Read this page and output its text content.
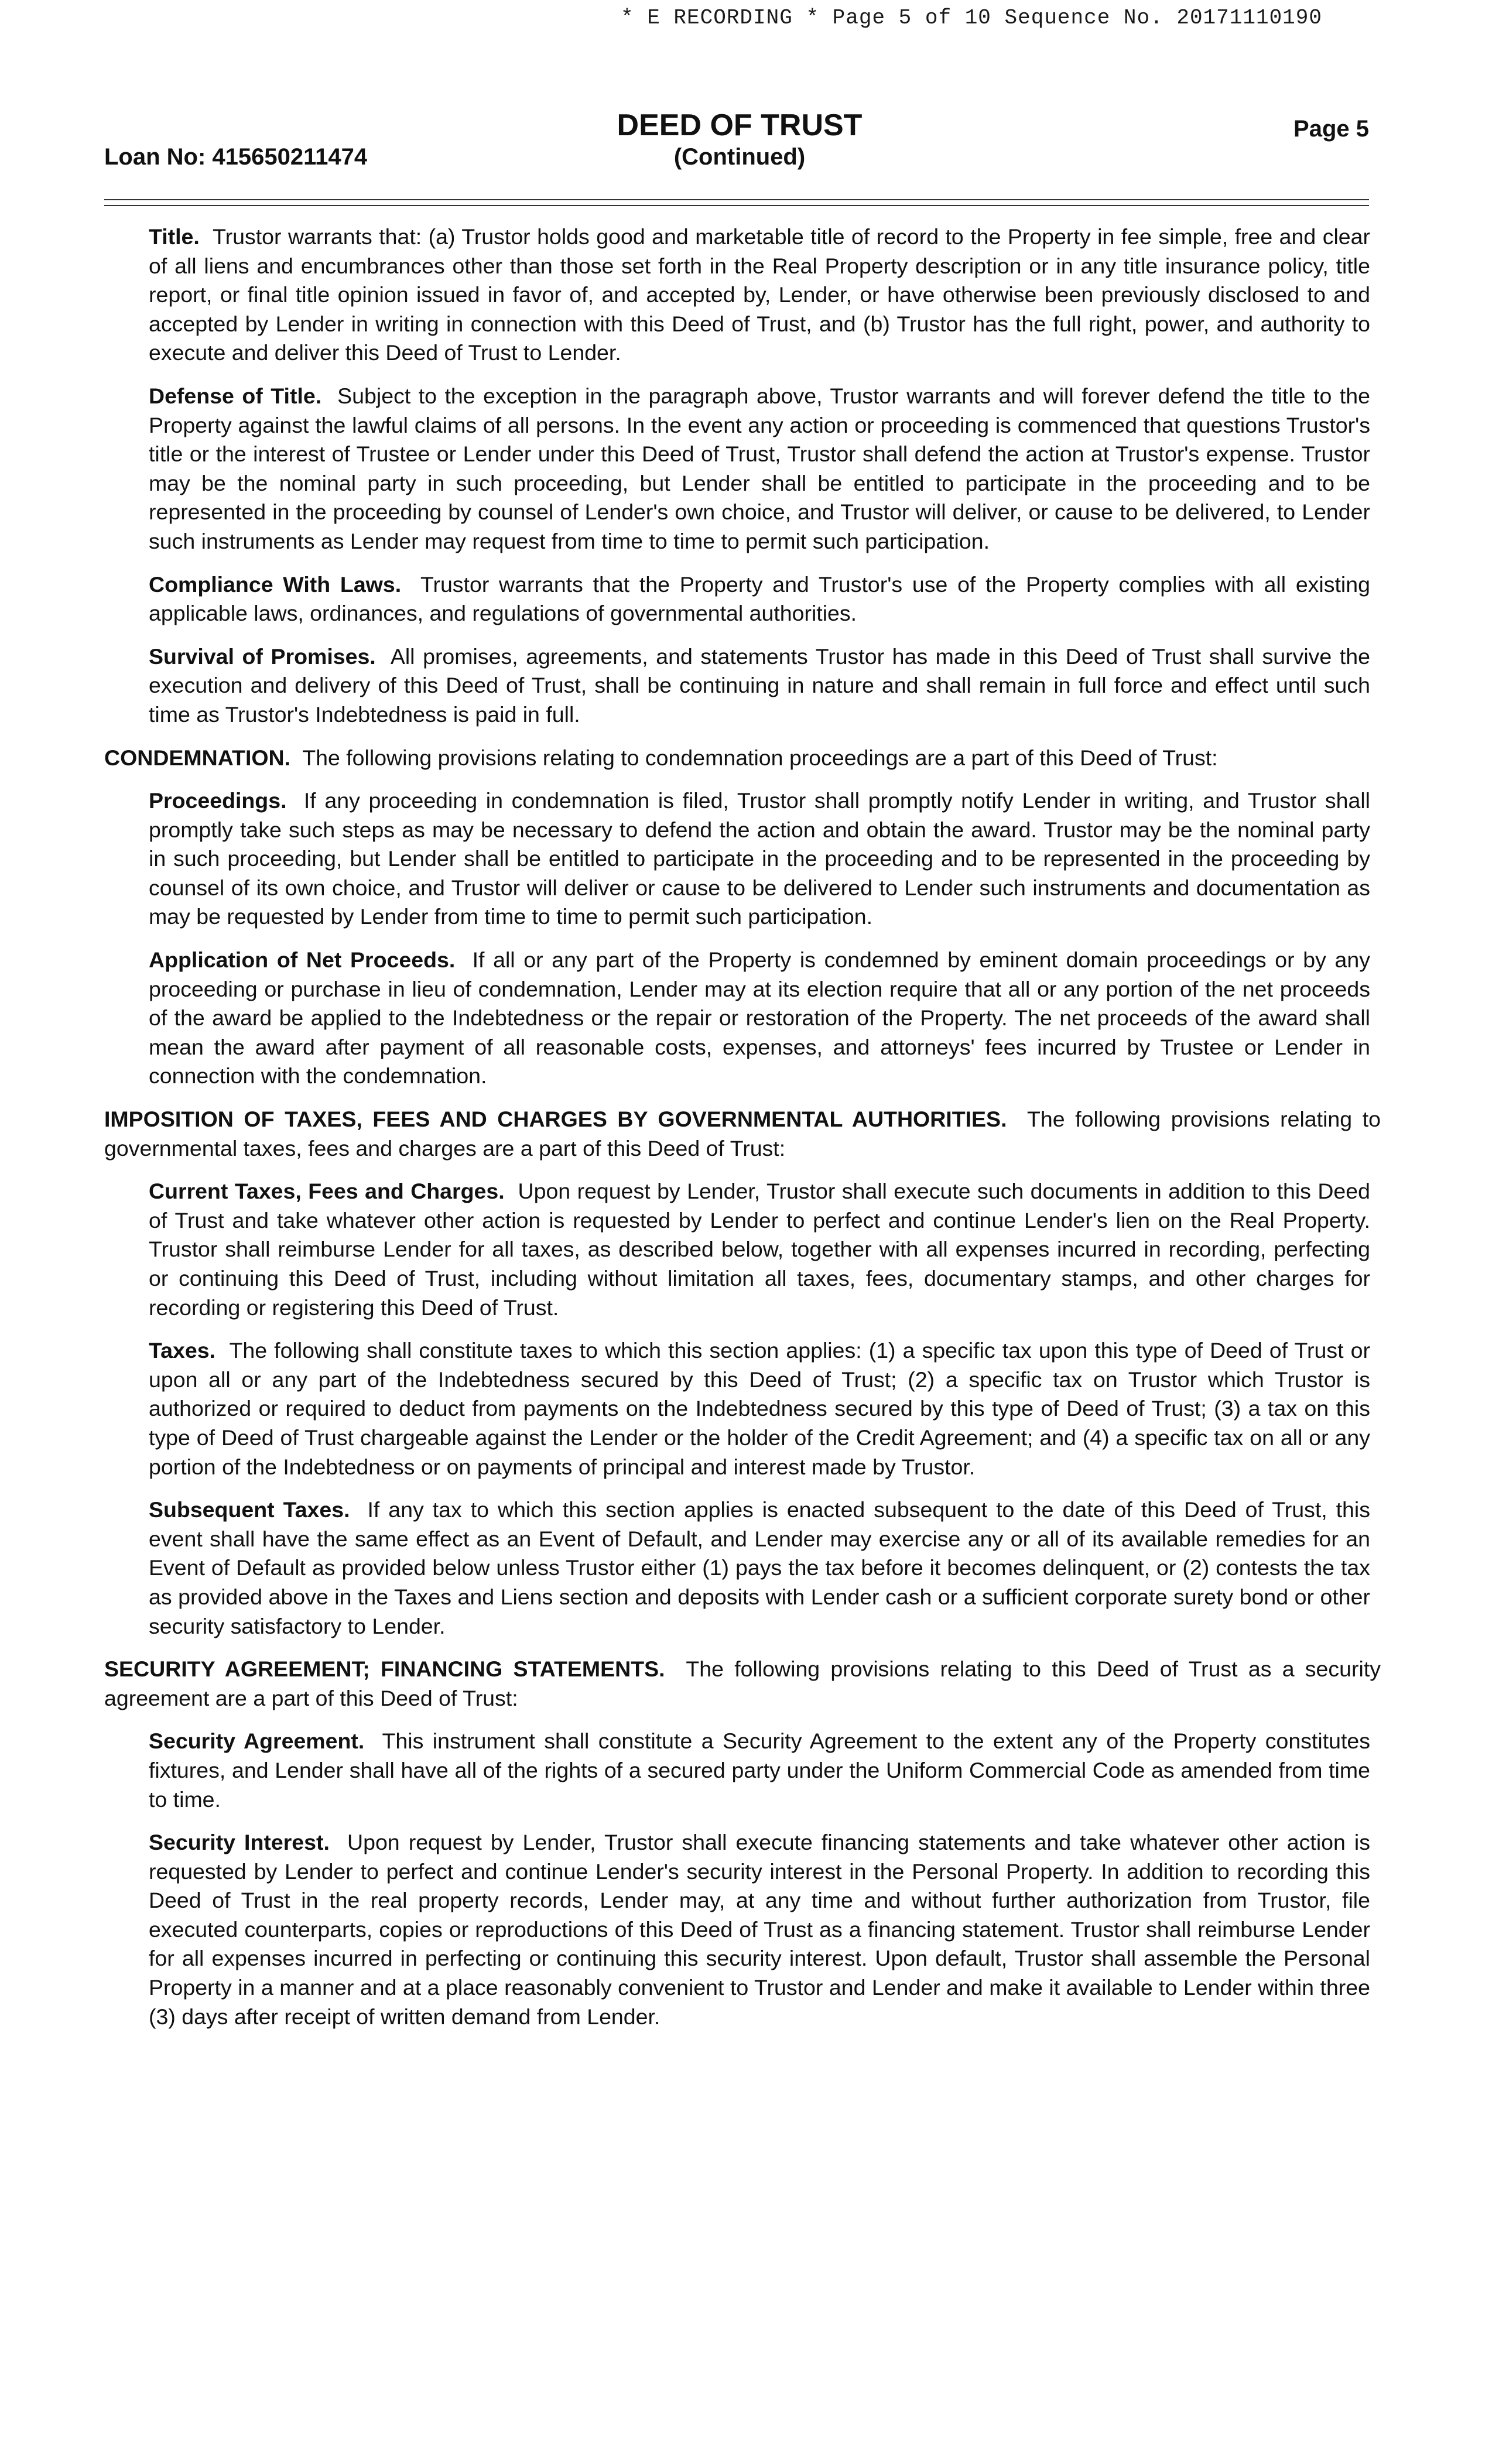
* E RECORDING * Page 5 of 10 Sequence No. 20171110190
Loan No: 415650211474
DEED OF TRUST
(Continued)
Page 5

Title. Trustor warrants that: (a) Trustor holds good and marketable title of record to the Property in fee simple, free and clear of all liens and encumbrances other than those set forth in the Real Property description or in any title insurance policy, title report, or final title opinion issued in favor of, and accepted by, Lender, or have otherwise been previously disclosed to and accepted by Lender in writing in connection with this Deed of Trust, and (b) Trustor has the full right, power, and authority to execute and deliver this Deed of Trust to Lender.

Defense of Title. Subject to the exception in the paragraph above, Trustor warrants and will forever defend the title to the Property against the lawful claims of all persons. In the event any action or proceeding is commenced that questions Trustor's title or the interest of Trustee or Lender under this Deed of Trust, Trustor shall defend the action at Trustor's expense. Trustor may be the nominal party in such proceeding, but Lender shall be entitled to participate in the proceeding and to be represented in the proceeding by counsel of Lender's own choice, and Trustor will deliver, or cause to be delivered, to Lender such instruments as Lender may request from time to time to permit such participation.

Compliance With Laws. Trustor warrants that the Property and Trustor's use of the Property complies with all existing applicable laws, ordinances, and regulations of governmental authorities.

Survival of Promises. All promises, agreements, and statements Trustor has made in this Deed of Trust shall survive the execution and delivery of this Deed of Trust, shall be continuing in nature and shall remain in full force and effect until such time as Trustor's Indebtedness is paid in full.

CONDEMNATION. The following provisions relating to condemnation proceedings are a part of this Deed of Trust:

Proceedings. If any proceeding in condemnation is filed, Trustor shall promptly notify Lender in writing, and Trustor shall promptly take such steps as may be necessary to defend the action and obtain the award. Trustor may be the nominal party in such proceeding, but Lender shall be entitled to participate in the proceeding and to be represented in the proceeding by counsel of its own choice, and Trustor will deliver or cause to be delivered to Lender such instruments and documentation as may be requested by Lender from time to time to permit such participation.

Application of Net Proceeds. If all or any part of the Property is condemned by eminent domain proceedings or by any proceeding or purchase in lieu of condemnation, Lender may at its election require that all or any portion of the net proceeds of the award be applied to the Indebtedness or the repair or restoration of the Property. The net proceeds of the award shall mean the award after payment of all reasonable costs, expenses, and attorneys' fees incurred by Trustee or Lender in connection with the condemnation.

IMPOSITION OF TAXES, FEES AND CHARGES BY GOVERNMENTAL AUTHORITIES. The following provisions relating to governmental taxes, fees and charges are a part of this Deed of Trust:

Current Taxes, Fees and Charges. Upon request by Lender, Trustor shall execute such documents in addition to this Deed of Trust and take whatever other action is requested by Lender to perfect and continue Lender's lien on the Real Property. Trustor shall reimburse Lender for all taxes, as described below, together with all expenses incurred in recording, perfecting or continuing this Deed of Trust, including without limitation all taxes, fees, documentary stamps, and other charges for recording or registering this Deed of Trust.

Taxes. The following shall constitute taxes to which this section applies: (1) a specific tax upon this type of Deed of Trust or upon all or any part of the Indebtedness secured by this Deed of Trust; (2) a specific tax on Trustor which Trustor is authorized or required to deduct from payments on the Indebtedness secured by this type of Deed of Trust; (3) a tax on this type of Deed of Trust chargeable against the Lender or the holder of the Credit Agreement; and (4) a specific tax on all or any portion of the Indebtedness or on payments of principal and interest made by Trustor.

Subsequent Taxes. If any tax to which this section applies is enacted subsequent to the date of this Deed of Trust, this event shall have the same effect as an Event of Default, and Lender may exercise any or all of its available remedies for an Event of Default as provided below unless Trustor either (1) pays the tax before it becomes delinquent, or (2) contests the tax as provided above in the Taxes and Liens section and deposits with Lender cash or a sufficient corporate surety bond or other security satisfactory to Lender.

SECURITY AGREEMENT; FINANCING STATEMENTS. The following provisions relating to this Deed of Trust as a security agreement are a part of this Deed of Trust:

Security Agreement. This instrument shall constitute a Security Agreement to the extent any of the Property constitutes fixtures, and Lender shall have all of the rights of a secured party under the Uniform Commercial Code as amended from time to time.

Security Interest. Upon request by Lender, Trustor shall execute financing statements and take whatever other action is requested by Lender to perfect and continue Lender's security interest in the Personal Property. In addition to recording this Deed of Trust in the real property records, Lender may, at any time and without further authorization from Trustor, file executed counterparts, copies or reproductions of this Deed of Trust as a financing statement. Trustor shall reimburse Lender for all expenses incurred in perfecting or continuing this security interest. Upon default, Trustor shall assemble the Personal Property in a manner and at a place reasonably convenient to Trustor and Lender and make it available to Lender within three (3) days after receipt of written demand from Lender.
